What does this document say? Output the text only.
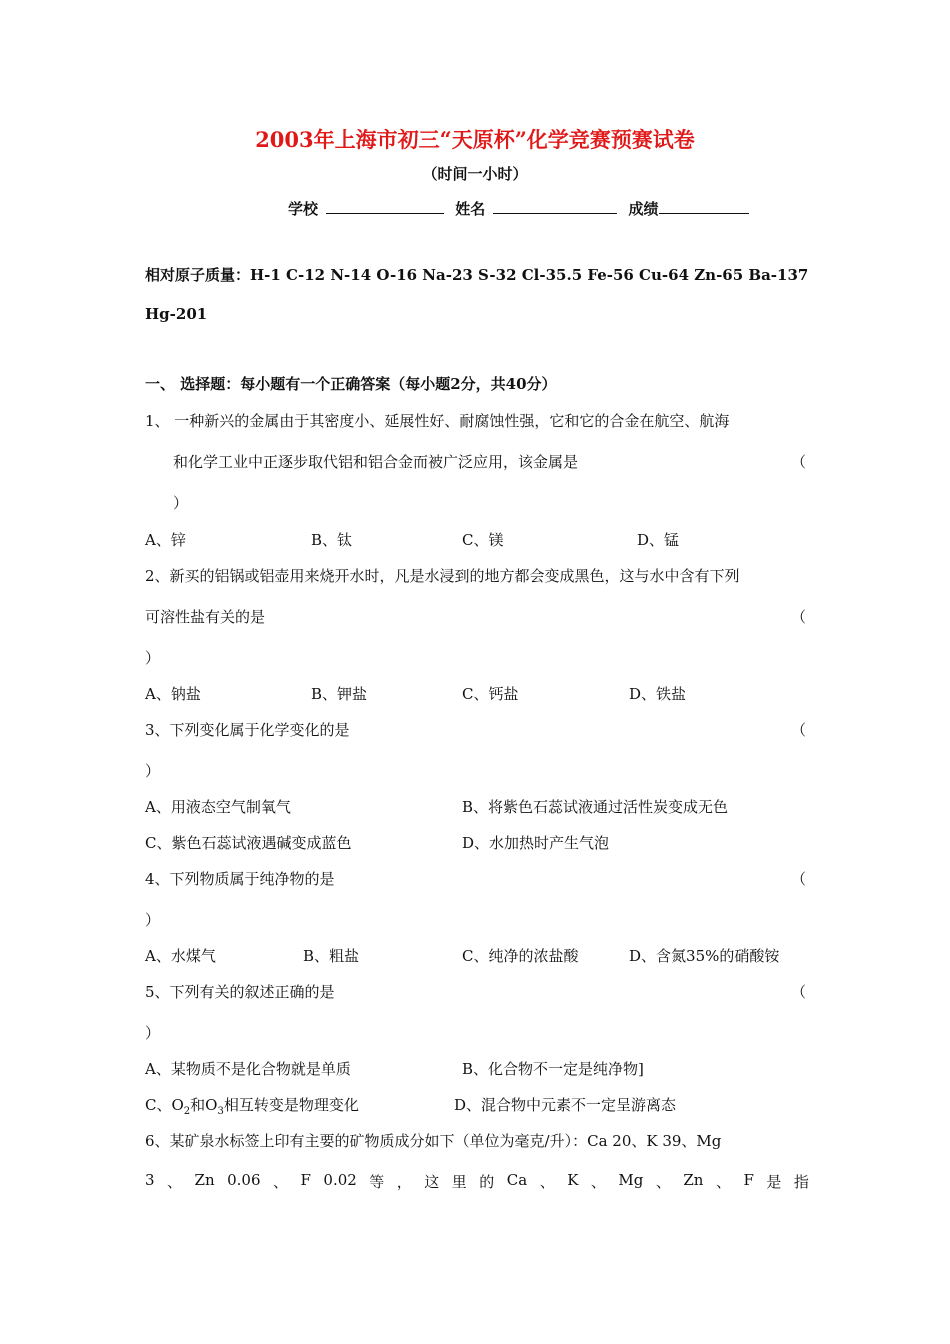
2003年上海市初三“天原杯”化学竞赛预赛试卷
（时间一小时）
学校	姓名	成绩
相对原子质量：H-1 C-12 N-14 O-16 Na-23 S-32 Cl-35.5 Fe-56 Cu-64 Zn-65 Ba-137
Hg-201
一、 选择题：每小题有一个正确答案（每小题2分，共40分）
1、 一种新兴的金属由于其密度小、延展性好、耐腐蚀性强，它和它的合金在航空、航海
和化学工业中正逐步取代铝和铝合金而被广泛应用，该金属是	（
）
A、锌	B、钛	C、镁	D、锰
2、新买的铝锅或铝壶用来烧开水时，凡是水浸到的地方都会变成黑色，这与水中含有下列
可溶性盐有关的是	（
）
A、钠盐	B、钾盐	C、钙盐	D、铁盐
3、下列变化属于化学变化的是	（
）
A、用液态空气制氧气	B、将紫色石蕊试液通过活性炭变成无色
C、紫色石蕊试液遇碱变成蓝色	D、水加热时产生气泡
4、下列物质属于纯净物的是	（
）
A、水煤气	B、粗盐	C、纯净的浓盐酸	D、含氮35%的硝酸铵
5、下列有关的叙述正确的是	（
）
A、某物质不是化合物就是单质	B、化合物不一定是纯净物]
C、$O_2$和$O_3$相互转变是物理变化	D、混合物中元素不一定呈游离态
6、某矿泉水标签上印有主要的矿物质成分如下（单位为毫克/升）：Ca 20、K 39、Mg
3 、 Zn 0.06 、 F 0.02 等 ， 这 里 的 Ca 、 K 、 Mg 、 Zn 、 F 是 指
